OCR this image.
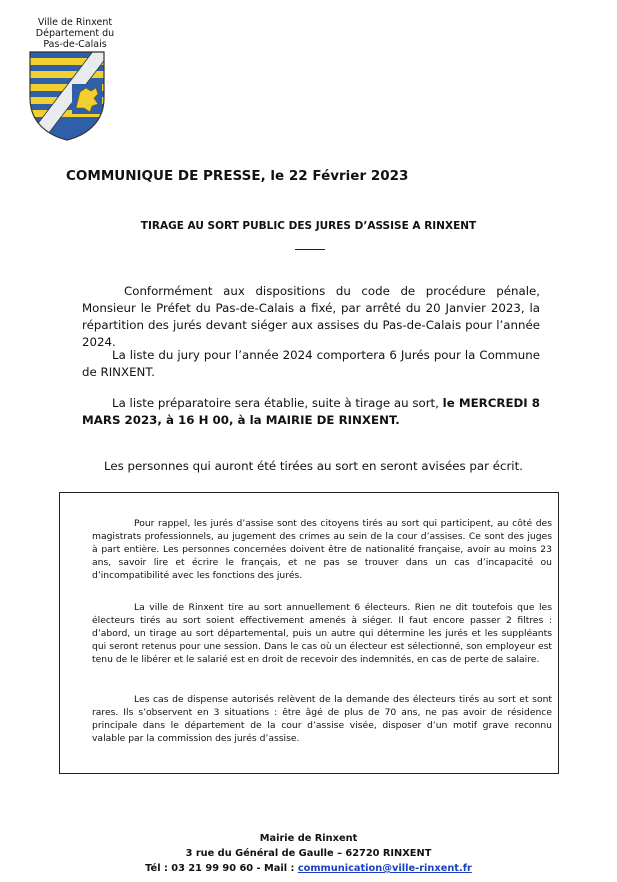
Ville de Rinxent
Département du
Pas-de-Calais
COMMUNIQUE DE PRESSE, le 22 Février 2023
TIRAGE AU SORT PUBLIC DES JURES D’ASSISE A RINXENT
Conformément aux dispositions du code de procédure pénale, Monsieur le Préfet du Pas-de-Calais a fixé, par arrêté du 20 Janvier 2023, la répartition des jurés devant siéger aux assises du Pas-de-Calais pour l’année 2024.
La liste du jury pour l’année 2024 comportera 6 Jurés pour la Commune de RINXENT.
La liste préparatoire sera établie, suite à tirage au sort, le MERCREDI 8 MARS 2023, à 16 H 00, à la MAIRIE DE RINXENT.
Les personnes qui auront été tirées au sort en seront avisées par écrit.
Pour rappel, les jurés d’assise sont des citoyens tirés au sort qui participent, au côté des magistrats professionnels, au jugement des crimes au sein de la cour d’assises. Ce sont des juges à part entière. Les personnes concernées doivent être de nationalité française, avoir au moins 23 ans, savoir lire et écrire le français, et ne pas se trouver dans un cas d’incapacité ou d’incompatibilité avec les fonctions des jurés.
La ville de Rinxent tire au sort annuellement 6 électeurs. Rien ne dit toutefois que les électeurs tirés au sort soient effectivement amenés à siéger. Il faut encore passer 2 filtres : d’abord, un tirage au sort départemental, puis un autre qui détermine les jurés et les suppléants qui seront retenus pour une session. Dans le cas où un électeur est sélectionné, son employeur est tenu de le libérer et le salarié est en droit de recevoir des indemnités, en cas de perte de salaire.
Les cas de dispense autorisés relèvent de la demande des électeurs tirés au sort et sont rares. Ils s’observent en 3 situations : être âgé de plus de 70 ans, ne pas avoir de résidence principale dans le département de la cour d’assise visée, disposer d’un motif grave reconnu valable par la commission des jurés d’assise.
Mairie de Rinxent
3 rue du Général de Gaulle – 62720 RINXENT
Tél : 03 21 99 90 60 - Mail : communication@ville-rinxent.fr
